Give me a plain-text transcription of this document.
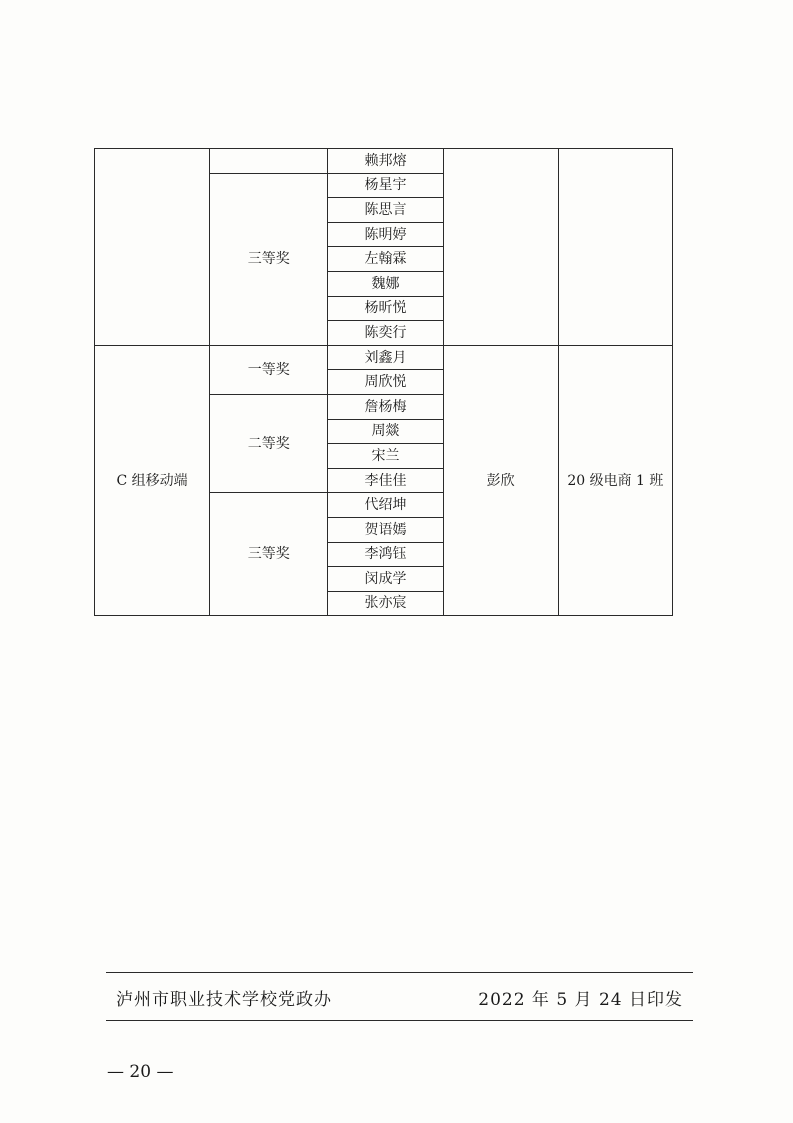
		赖邦熔		
	三等奖	杨星宇		
		陈思言		
		陈明婷		
		左翰霖		
		魏娜		
		杨昕悦		
		陈奕行		
C 组移动端	一等奖	刘鑫月	彭欣	20 级电商 1 班
		周欣悦		
	二等奖	詹杨梅		
		周燚		
		宋兰		
		李佳佳		
	三等奖	代绍坤		
		贺语嫣		
		李鸿钰		
		闵成学		
		张亦宸		
泸州市职业技术学校党政办	2022 年 5 月 24 日印发
— 20 —
